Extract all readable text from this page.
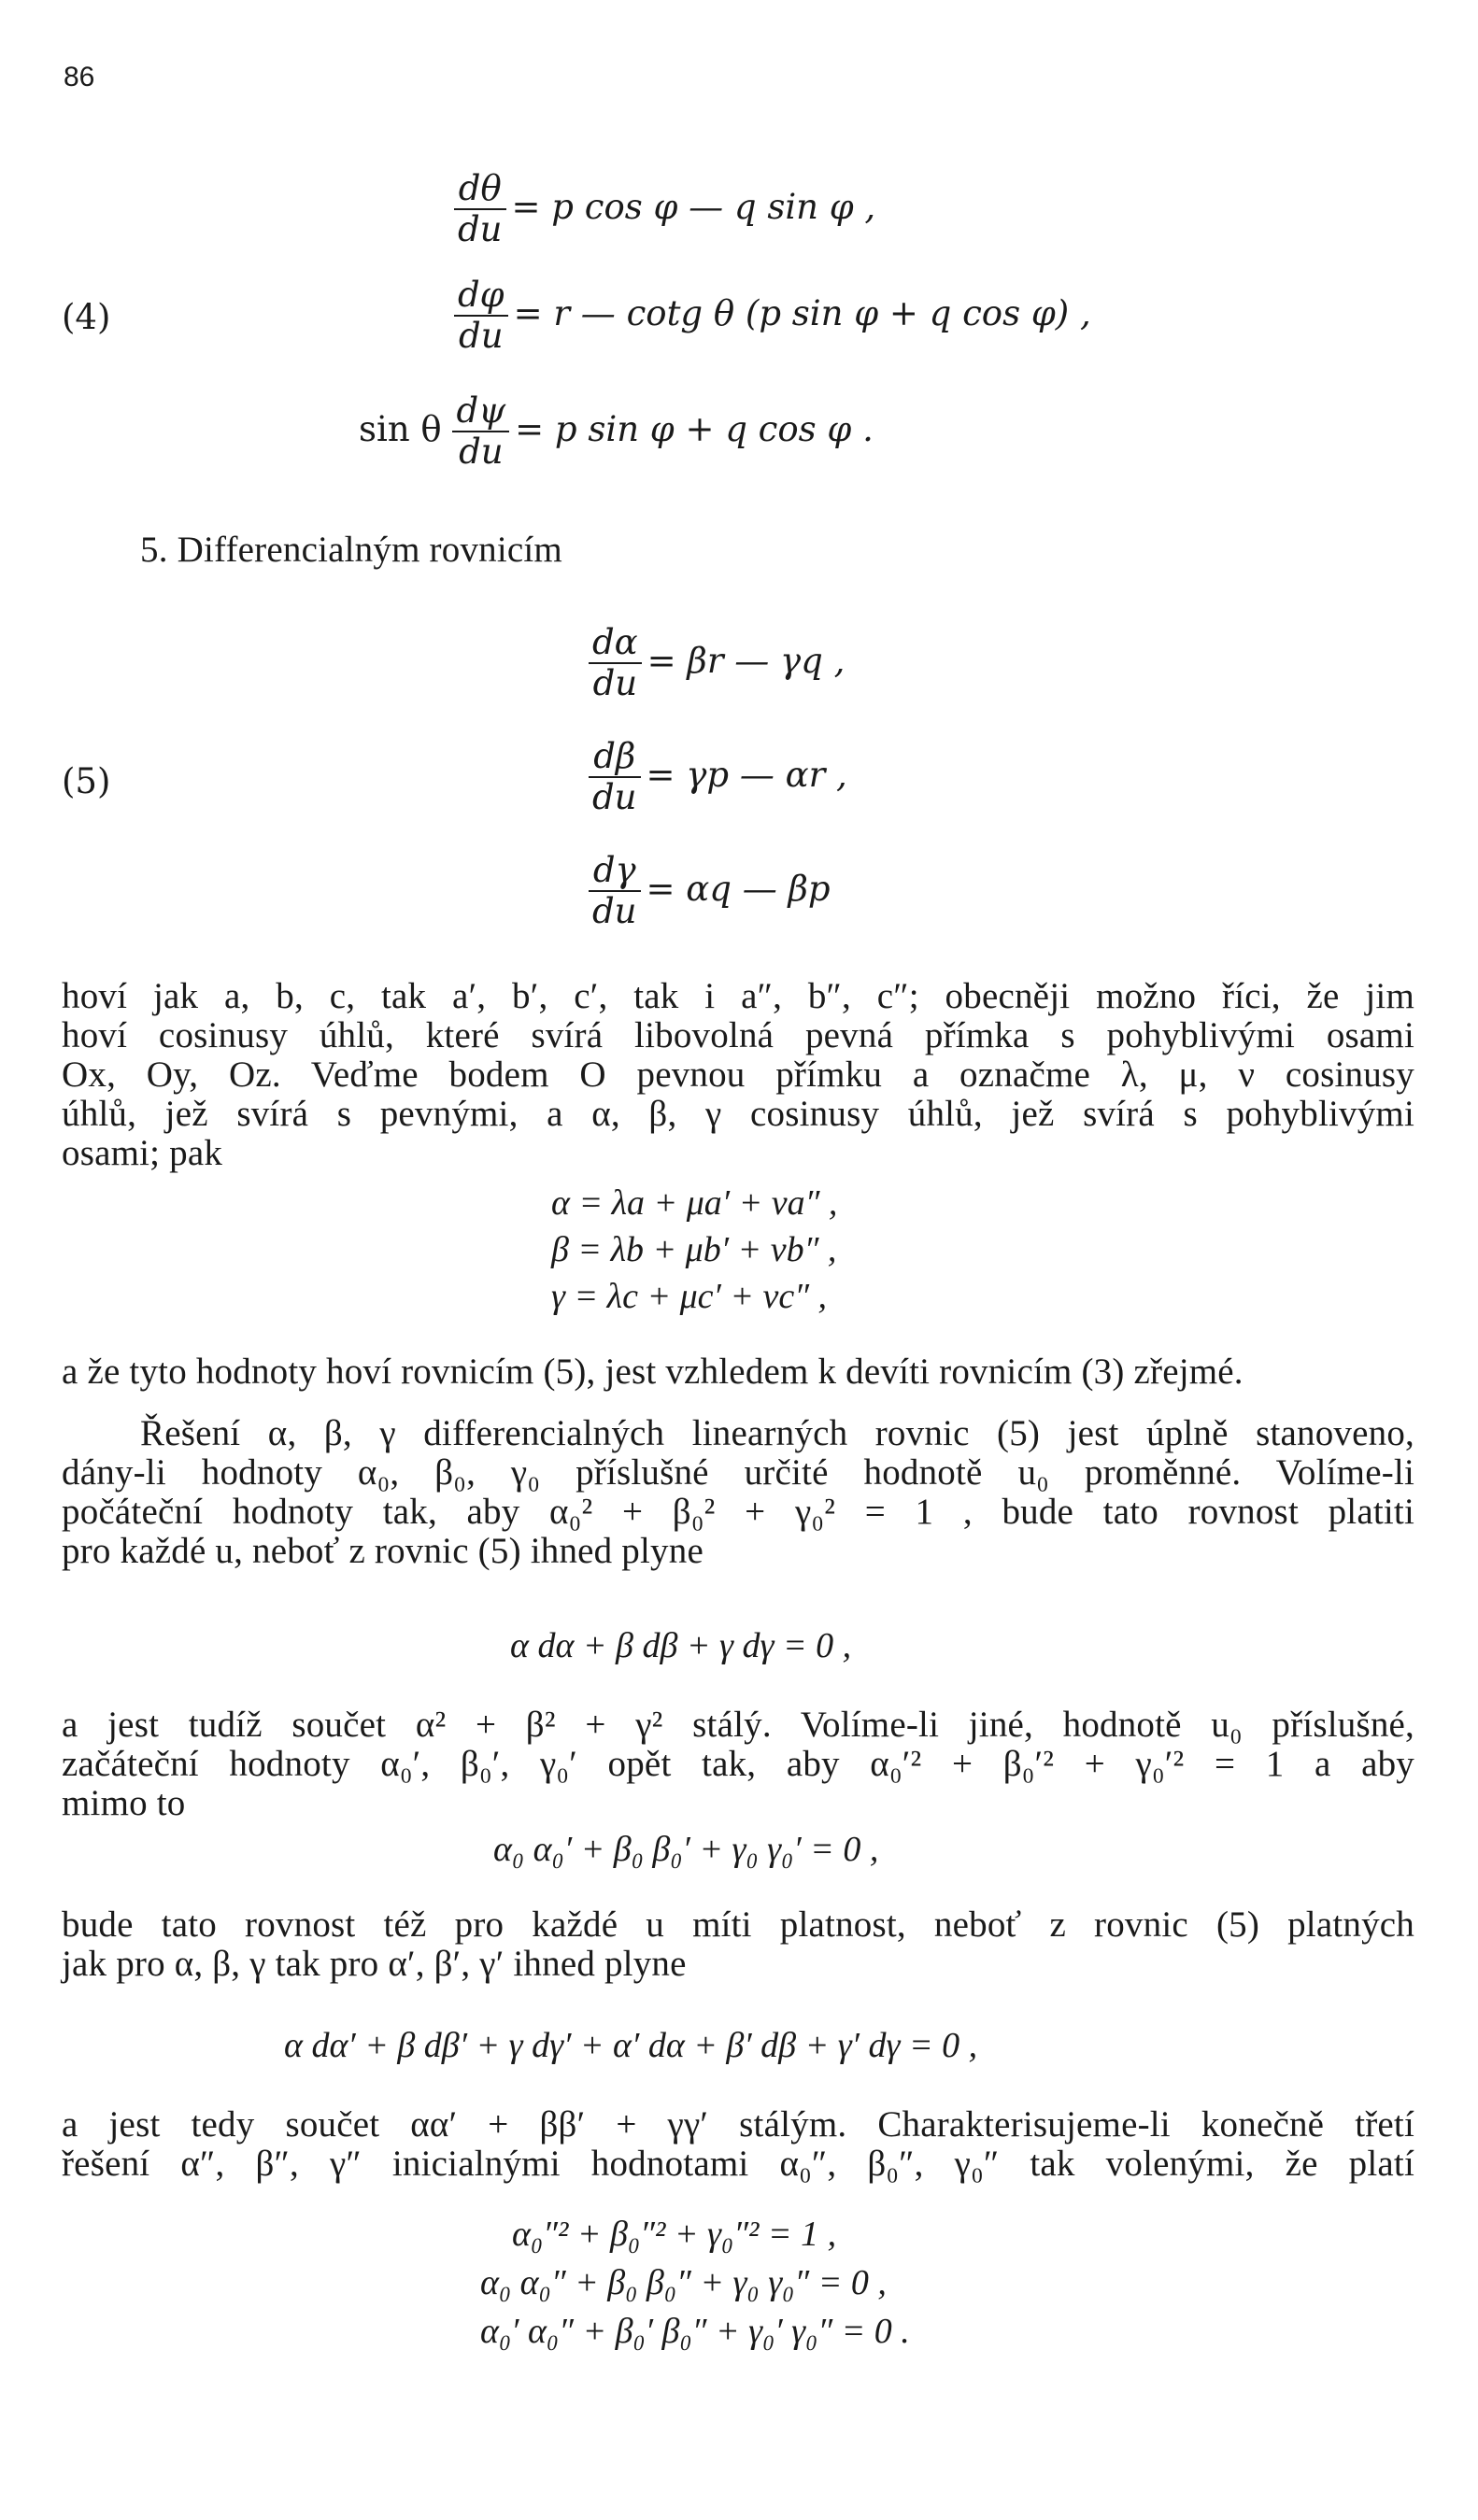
86
(4)
$\frac{d\theta}{du} = p$ cos φ — q sin φ ,
$\frac{d\varphi}{du} = r$ — cotg θ (p sin φ + q cos φ) ,
sin θ $\frac{d\psi}{du} = p$ sin φ + q cos φ .
5. Differencialným rovnicím
(5)
$\frac{d\alpha}{du} = \beta r$ — γq ,
$\frac{d\beta}{du} = \gamma p$ — αr ,
$\frac{d\gamma}{du} = \alpha q$ — βp
hoví jak a, b, c, tak a′, b′, c′, tak i a″, b″, c″; obecněji možno říci, že jim
hoví cosinusy úhlů, které svírá libovolná pevná přímka s pohyblivými osami
Ox, Oy, Oz. Veďme bodem O pevnou přímku a označme λ, μ, ν cosinusy
úhlů, jež svírá s pevnými, a α, β, γ cosinusy úhlů, jež svírá s pohyblivými
osami; pak
α = λa + μa′ + νa″ ,
β = λb + μb′ + νb″ ,
γ = λc + μc′ + νc″ ,
a že tyto hodnoty hoví rovnicím (5), jest vzhledem k devíti rovnicím (3) zřejmé.
Řešení α, β, γ differencialných linearných rovnic (5) jest úplně stanoveno,
dány-li hodnoty α₀, β₀, γ₀ příslušné určité hodnotě u₀ proměnné. Volíme-li
počáteční hodnoty tak, aby α₀² + β₀² + γ₀² = 1 , bude tato rovnost platiti
pro každé u, neboť z rovnic (5) ihned plyne
α dα + β dβ + γ dγ = 0 ,
a jest tudíž součet α² + β² + γ² stálý. Volíme-li jiné, hodnotě u₀ příslušné,
začáteční hodnoty α₀′, β₀′, γ₀′ opět tak, aby α₀′² + β₀′² + γ₀′² = 1 a aby
mimo to
α₀ α₀′ + β₀ β₀′ + γ₀ γ₀′ = 0 ,
bude tato rovnost též pro každé u míti platnost, neboť z rovnic (5) platných
jak pro α, β, γ tak pro α′, β′, γ′ ihned plyne
α dα′ + β dβ′ + γ dγ′ + α′ dα + β′ dβ + γ′ dγ = 0 ,
a jest tedy součet αα′ + ββ′ + γγ′ stálým. Charakterisujeme-li konečně třetí
řešení α″, β″, γ″ inicialnými hodnotami α₀″, β₀″, γ₀″ tak volenými, že platí
α₀″² + β₀″² + γ₀″² = 1 ,
α₀ α₀″ + β₀ β₀″ + γ₀ γ₀″ = 0 ,
α₀′ α₀″ + β₀′ β₀″ + γ₀′ γ₀″ = 0 .
